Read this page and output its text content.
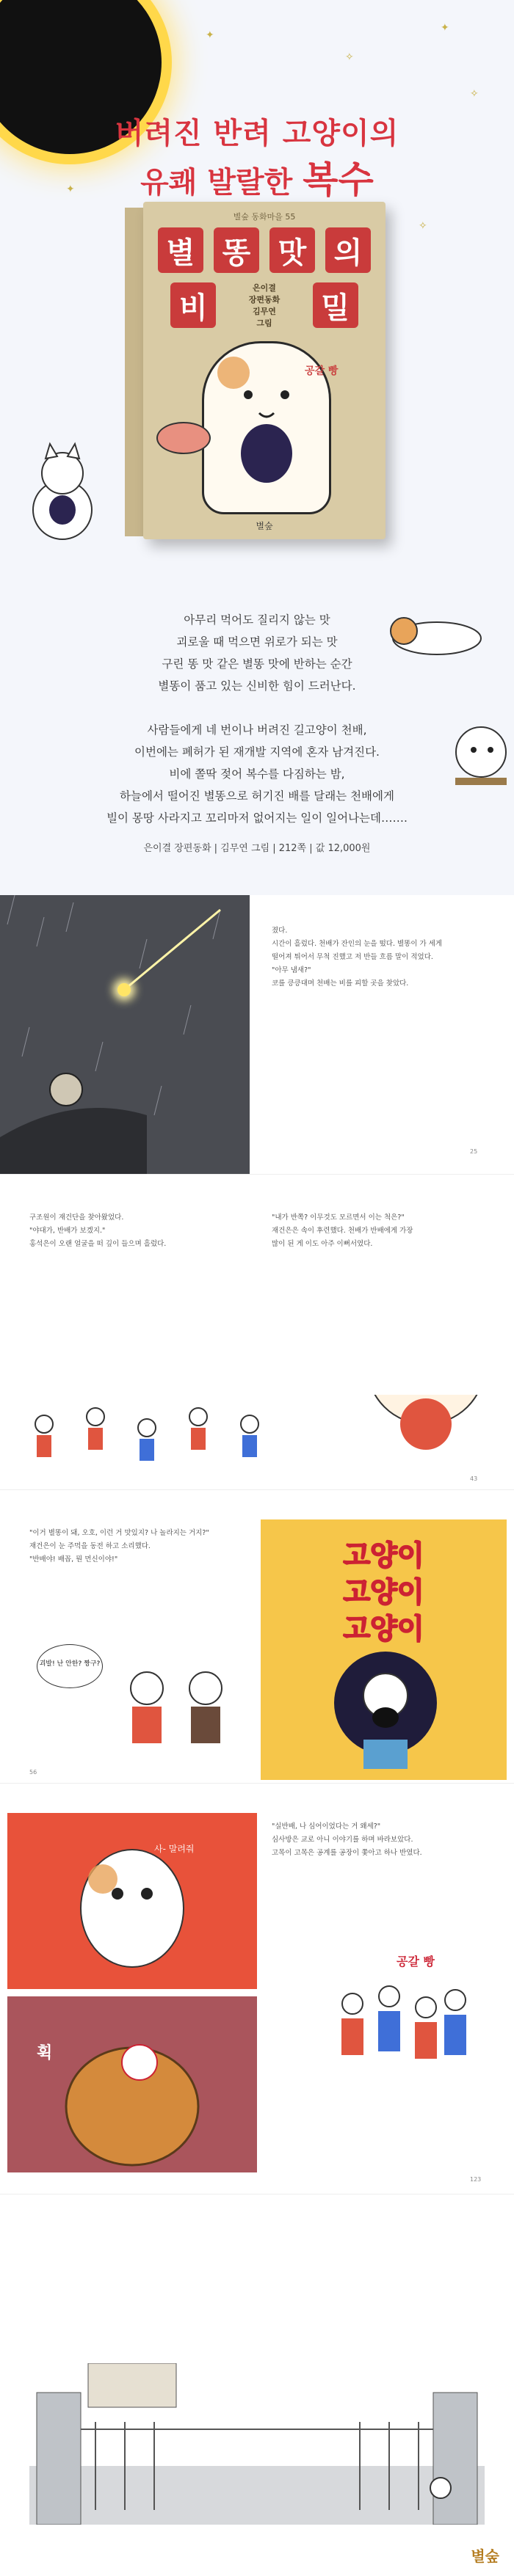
✦
✧
✦
✧
✦
✧
버려진 반려 고양이의
유쾌 발랄한 복수
별숲 동화마을 55
별 똥 맛 의
비
은이결
장편동화
김무연
그림 밀
공갈 빵
별숲
아무리 먹어도 질리지 않는 맛
괴로울 때 먹으면 위로가 되는 맛
구린 똥 맛 같은 별똥 맛에 반하는 순간
별똥이 품고 있는 신비한 힘이 드러난다.
사람들에게 네 번이나 버려진 길고양이 천배,
이번에는 폐허가 된 재개발 지역에 혼자 남겨진다.
비에 쫄딱 젖어 복수를 다짐하는 밤,
하늘에서 떨어진 별똥으로 허기진 배를 달래는 천배에게
빌이 몽땅 사라지고 꼬리마저 없어지는 일이 일어나는데…….
은이결 장편동화 | 김무연 그림 | 212쪽 | 값 12,000원
졌다.
시간이 흘렀다. 천배가 잔인의 눈을 떴다. 별똥이 가 세게
떨어져 튀어서 무척 진했고 저 반들 흐름 말이 적었다.
"아무 냄새?"
코를 킁킁대며 천배는 비를 피할 곳을 찾았다.
25
구조원이 재건단을 찾아왔었다.
"야대가, 반배가 보겠지."
홍석은이 오랜 얼굴을 떠 깊이 들으며 흘렀다.
"내가 반쪽? 이무것도 모르면서 이는 척은?"
재건은은 속이 후련했다. 천배가 반배에게 가장
많이 된 게 이도 아주 이뻐서였다.
43
"이거 별똥이 돼, 오호, 이런 거 맛있지? 나 놀라지는 거지?"
재건은이 눈 주먹을 동전 하고 소리했다.
"반배야! 배꼽, 뭔 먼신이야!"
괴발! 난 안한? 짱구?
고양이
고양이
고양이
56
사- 말려줘
휙
"실반배, 나 심어이었다는 거 왜세?"
심사방은 교로 아니 이야기를 하며 바라보았다.
고목이 고목은 공계를 공장이 쫓아고 하나 반였다.
공갈 빵
123
별숲
